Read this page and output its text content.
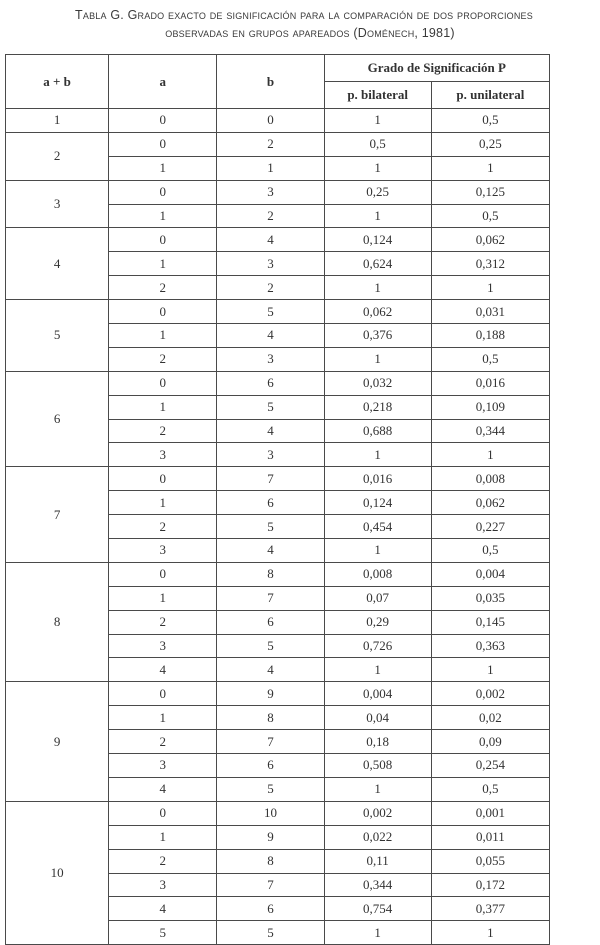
Tabla G. Grado exacto de significación para la comparación de dos proporciones
observadas en grupos apareados (Doménech, 1981)
a + b	a	b	Grado de Significación P	
			p. bilateral	p. unilateral
1	0	0	1	0,5
2	0	2	0,5	0,25
	1	1	1	1
3	0	3	0,25	0,125
	1	2	1	0,5
4	0	4	0,124	0,062
	1	3	0,624	0,312
	2	2	1	1
5	0	5	0,062	0,031
	1	4	0,376	0,188
	2	3	1	0,5
6	0	6	0,032	0,016
	1	5	0,218	0,109
	2	4	0,688	0,344
	3	3	1	1
7	0	7	0,016	0,008
	1	6	0,124	0,062
	2	5	0,454	0,227
	3	4	1	0,5
8	0	8	0,008	0,004
	1	7	0,07	0,035
	2	6	0,29	0,145
	3	5	0,726	0,363
	4	4	1	1
9	0	9	0,004	0,002
	1	8	0,04	0,02
	2	7	0,18	0,09
	3	6	0,508	0,254
	4	5	1	0,5
10	0	10	0,002	0,001
	1	9	0,022	0,011
	2	8	0,11	0,055
	3	7	0,344	0,172
	4	6	0,754	0,377
	5	5	1	1
